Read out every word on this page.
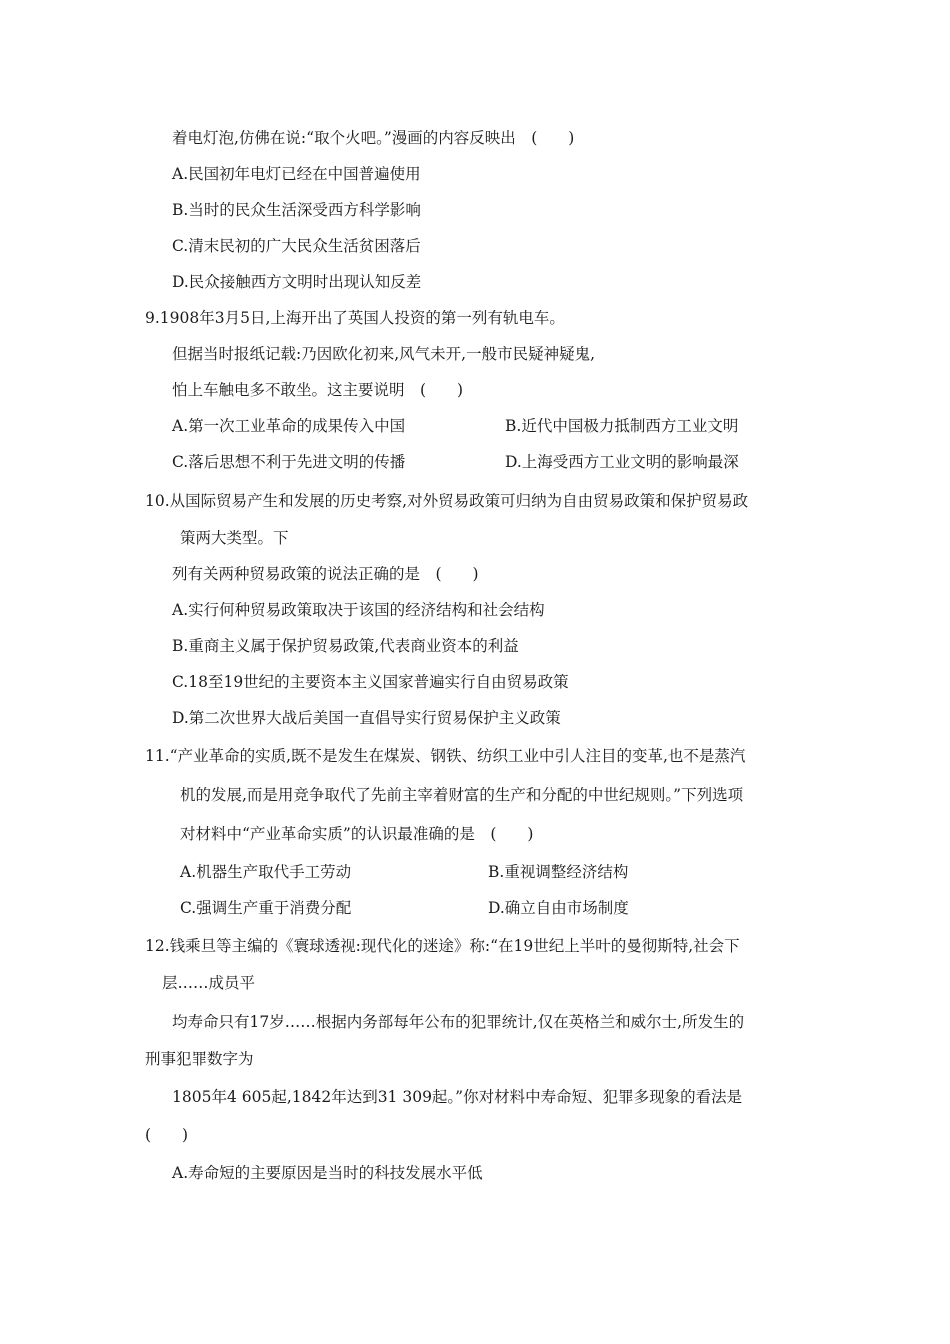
着电灯泡,仿佛在说:“取个火吧。”漫画的内容反映出　(　　)
A.民国初年电灯已经在中国普遍使用
B.当时的民众生活深受西方科学影响
C.清末民初的广大民众生活贫困落后
D.民众接触西方文明时出现认知反差
9.1908年3月5日,上海开出了英国人投资的第一列有轨电车。
但据当时报纸记载:乃因欧化初来,风气未开,一般市民疑神疑鬼,
怕上车触电多不敢坐。这主要说明　(　　)
A.第一次工业革命的成果传入中国	B.近代中国极力抵制西方工业文明
C.落后思想不利于先进文明的传播	D.上海受西方工业文明的影响最深
10.从国际贸易产生和发展的历史考察,对外贸易政策可归纳为自由贸易政策和保护贸易政
策两大类型。下
列有关两种贸易政策的说法正确的是　(　　)
A.实行何种贸易政策取决于该国的经济结构和社会结构
B.重商主义属于保护贸易政策,代表商业资本的利益
C.18至19世纪的主要资本主义国家普遍实行自由贸易政策
D.第二次世界大战后美国一直倡导实行贸易保护主义政策
11.“产业革命的实质,既不是发生在煤炭、钢铁、纺织工业中引人注目的变革,也不是蒸汽
机的发展,而是用竞争取代了先前主宰着财富的生产和分配的中世纪规则。”下列选项
对材料中“产业革命实质”的认识最准确的是　(　　)
A.机器生产取代手工劳动	B.重视调整经济结构
C.强调生产重于消费分配	D.确立自由市场制度
12.钱乘旦等主编的《寰球透视:现代化的迷途》称:“在19世纪上半叶的曼彻斯特,社会下
层……成员平
均寿命只有17岁……根据内务部每年公布的犯罪统计,仅在英格兰和威尔士,所发生的
刑事犯罪数字为
1805年4 605起,1842年达到31 309起。”你对材料中寿命短、犯罪多现象的看法是
(　　)
A.寿命短的主要原因是当时的科技发展水平低
